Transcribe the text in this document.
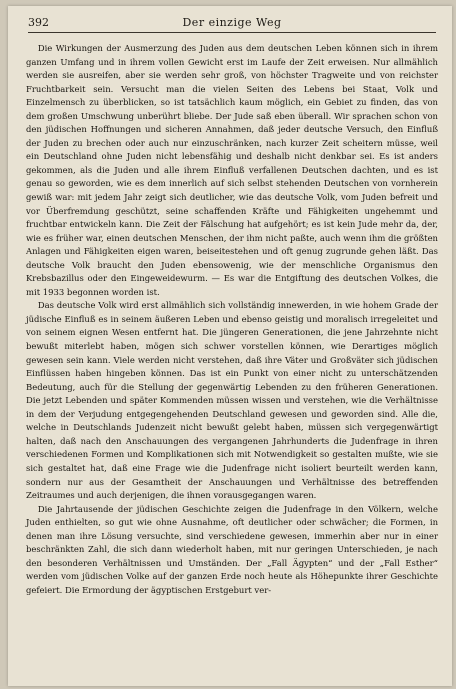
392	Der einzige Weg

Die Wirkungen der Ausmerzung des Juden aus dem deutschen Leben können sich in ihrem ganzen Umfang und in ihrem vollen Gewicht erst im Laufe der Zeit erweisen. Nur allmählich werden sie ausreifen, aber sie werden sehr groß, von höchster Tragweite und von reichster Fruchtbarkeit sein. Versucht man die vielen Seiten des Lebens bei Staat, Volk und Einzelmensch zu überblicken, so ist tatsächlich kaum möglich, ein Gebiet zu finden, das von dem großen Umschwung unberührt bliebe. Der Jude saß eben überall. Wir sprachen schon von den jüdischen Hoffnungen und sicheren Annahmen, daß jeder deutsche Versuch, den Einfluß der Juden zu brechen oder auch nur einzuschränken, nach kurzer Zeit scheitern müsse, weil ein Deutschland ohne Juden nicht lebensfähig und deshalb nicht denkbar sei. Es ist anders gekommen, als die Juden und alle ihrem Einfluß verfallenen Deutschen dachten, und es ist genau so geworden, wie es dem innerlich auf sich selbst stehenden Deutschen von vornherein gewiß war: mit jedem Jahr zeigt sich deutlicher, wie das deutsche Volk, vom Juden befreit und vor Überfremdung geschützt, seine schaffenden Kräfte und Fähigkeiten ungehemmt und fruchtbar entwickeln kann. Die Zeit der Fälschung hat aufgehört; es ist kein Jude mehr da, der, wie es früher war, einen deutschen Menschen, der ihm nicht paßte, auch wenn ihm die größten Anlagen und Fähigkeiten eigen waren, beiseitestehen und oft genug zugrunde gehen läßt. Das deutsche Volk braucht den Juden ebensowenig, wie der menschliche Organismus den Krebsbazillus oder den Eingeweidewurm. — Es war die Entgiftung des deutschen Volkes, die mit 1933 begonnen worden ist.

Das deutsche Volk wird erst allmählich sich vollständig innewerden, in wie hohem Grade der jüdische Einfluß es in seinem äußeren Leben und ebenso geistig und moralisch irregeleitet und von seinem eignen Wesen entfernt hat. Die jüngeren Generationen, die jene Jahrzehnte nicht bewußt miterlebt haben, mögen sich schwer vorstellen können, wie Derartiges möglich gewesen sein kann. Viele werden nicht verstehen, daß ihre Väter und Großväter sich jüdischen Einflüssen haben hingeben können. Das ist ein Punkt von einer nicht zu unterschätzenden Bedeutung, auch für die Stellung der gegenwärtig Lebenden zu den früheren Generationen. Die jetzt Lebenden und später Kommenden müssen wissen und verstehen, wie die Verhältnisse in dem der Verjudung entgegengehenden Deutschland gewesen und geworden sind. Alle die, welche in Deutschlands Judenzeit nicht bewußt gelebt haben, müssen sich vergegenwärtigt halten, daß nach den Anschauungen des vergangenen Jahrhunderts die Judenfrage in ihren verschiedenen Formen und Komplikationen sich mit Notwendigkeit so gestalten mußte, wie sie sich gestaltet hat, daß eine Frage wie die Judenfrage nicht isoliert beurteilt werden kann, sondern nur aus der Gesamtheit der Anschauungen und Verhältnisse des betreffenden Zeitraumes und auch derjenigen, die ihnen vorausgegangen waren.

Die Jahrtausende der jüdischen Geschichte zeigen die Judenfrage in den Völkern, welche Juden enthielten, so gut wie ohne Ausnahme, oft deutlicher oder schwächer; die Formen, in denen man ihre Lösung versuchte, sind verschiedene gewesen, immerhin aber nur in einer beschränkten Zahl, die sich dann wiederholt haben, mit nur geringen Unterschieden, je nach den besonderen Verhältnissen und Umständen. Der „Fall Ägypten“ und der „Fall Esther“ werden vom jüdischen Volke auf der ganzen Erde noch heute als Höhepunkte ihrer Geschichte gefeiert. Die Ermordung der ägyptischen Erstgeburt ver-
